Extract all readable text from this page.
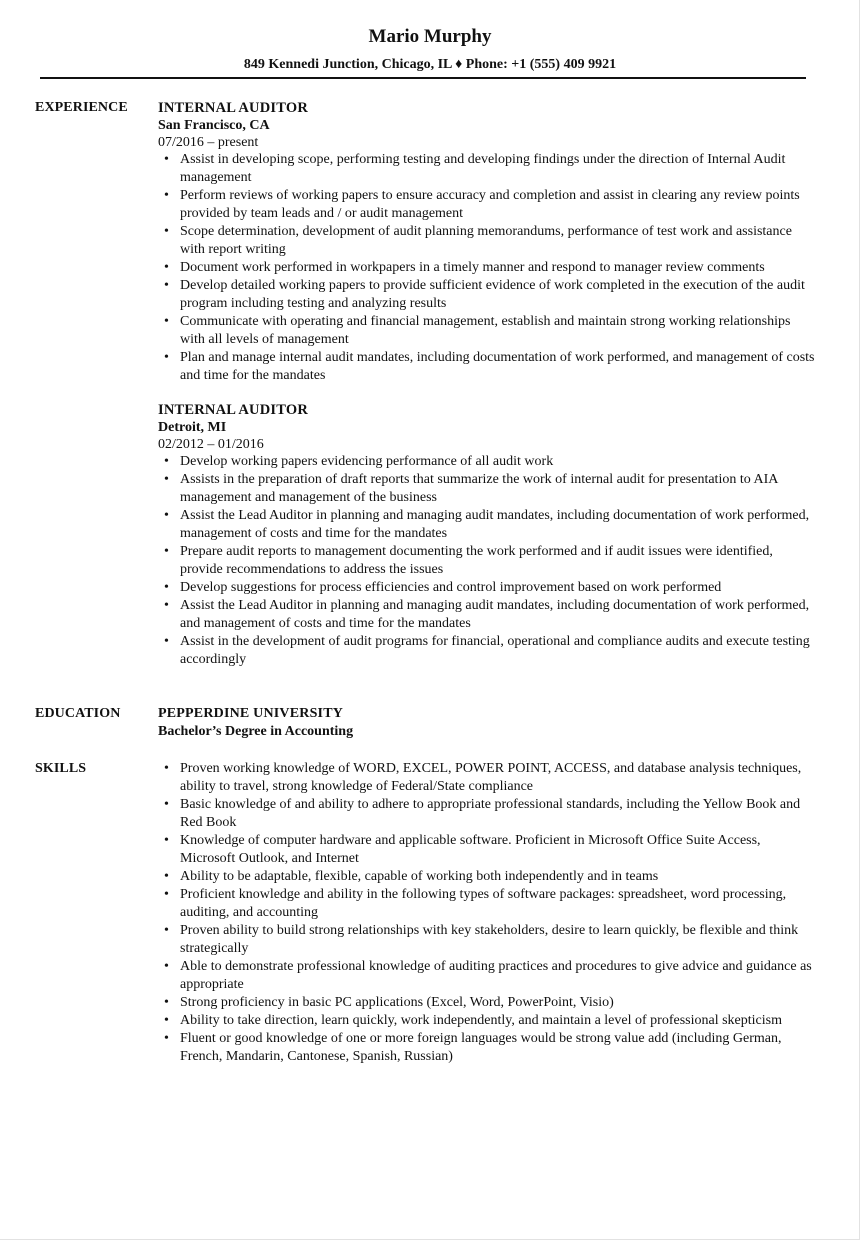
Mario Murphy
849 Kennedi Junction, Chicago, IL ♦ Phone: +1 (555) 409 9921
EXPERIENCE	INTERNAL AUDITOR
San Francisco, CA
07/2016 – present
• Assist in developing scope, performing testing and developing findings under the direction of Internal Audit management
• Perform reviews of working papers to ensure accuracy and completion and assist in clearing any review points provided by team leads and / or audit management
• Scope determination, development of audit planning memorandums, performance of test work and assistance with report writing
• Document work performed in workpapers in a timely manner and respond to manager review comments
• Develop detailed working papers to provide sufficient evidence of work completed in the execution of the audit program including testing and analyzing results
• Communicate with operating and financial management, establish and maintain strong working relationships with all levels of management
• Plan and manage internal audit mandates, including documentation of work performed, and management of costs and time for the mandates
INTERNAL AUDITOR
Detroit, MI
02/2012 – 01/2016
• Develop working papers evidencing performance of all audit work
• Assists in the preparation of draft reports that summarize the work of internal audit for presentation to AIA management and management of the business
• Assist the Lead Auditor in planning and managing audit mandates, including documentation of work performed, management of costs and time for the mandates
• Prepare audit reports to management documenting the work performed and if audit issues were identified, provide recommendations to address the issues
• Develop suggestions for process efficiencies and control improvement based on work performed
• Assist the Lead Auditor in planning and managing audit mandates, including documentation of work performed, and management of costs and time for the mandates
• Assist in the development of audit programs for financial, operational and compliance audits and execute testing accordingly
EDUCATION	PEPPERDINE UNIVERSITY
Bachelor’s Degree in Accounting
SKILLS
•	Proven working knowledge of WORD, EXCEL, POWER POINT, ACCESS, and database analysis techniques, ability to travel, strong knowledge of Federal/State compliance
• Basic knowledge of and ability to adhere to appropriate professional standards, including the Yellow Book and Red Book
• Knowledge of computer hardware and applicable software. Proficient in Microsoft Office Suite Access, Microsoft Outlook, and Internet
• Ability to be adaptable, flexible, capable of working both independently and in teams
• Proficient knowledge and ability in the following types of software packages: spreadsheet, word processing, auditing, and accounting
• Proven ability to build strong relationships with key stakeholders, desire to learn quickly, be flexible and think strategically
• Able to demonstrate professional knowledge of auditing practices and procedures to give advice and guidance as appropriate
• Strong proficiency in basic PC applications (Excel, Word, PowerPoint, Visio)
• Ability to take direction, learn quickly, work independently, and maintain a level of professional skepticism
• Fluent or good knowledge of one or more foreign languages would be strong value add (including German, French, Mandarin, Cantonese, Spanish, Russian)
